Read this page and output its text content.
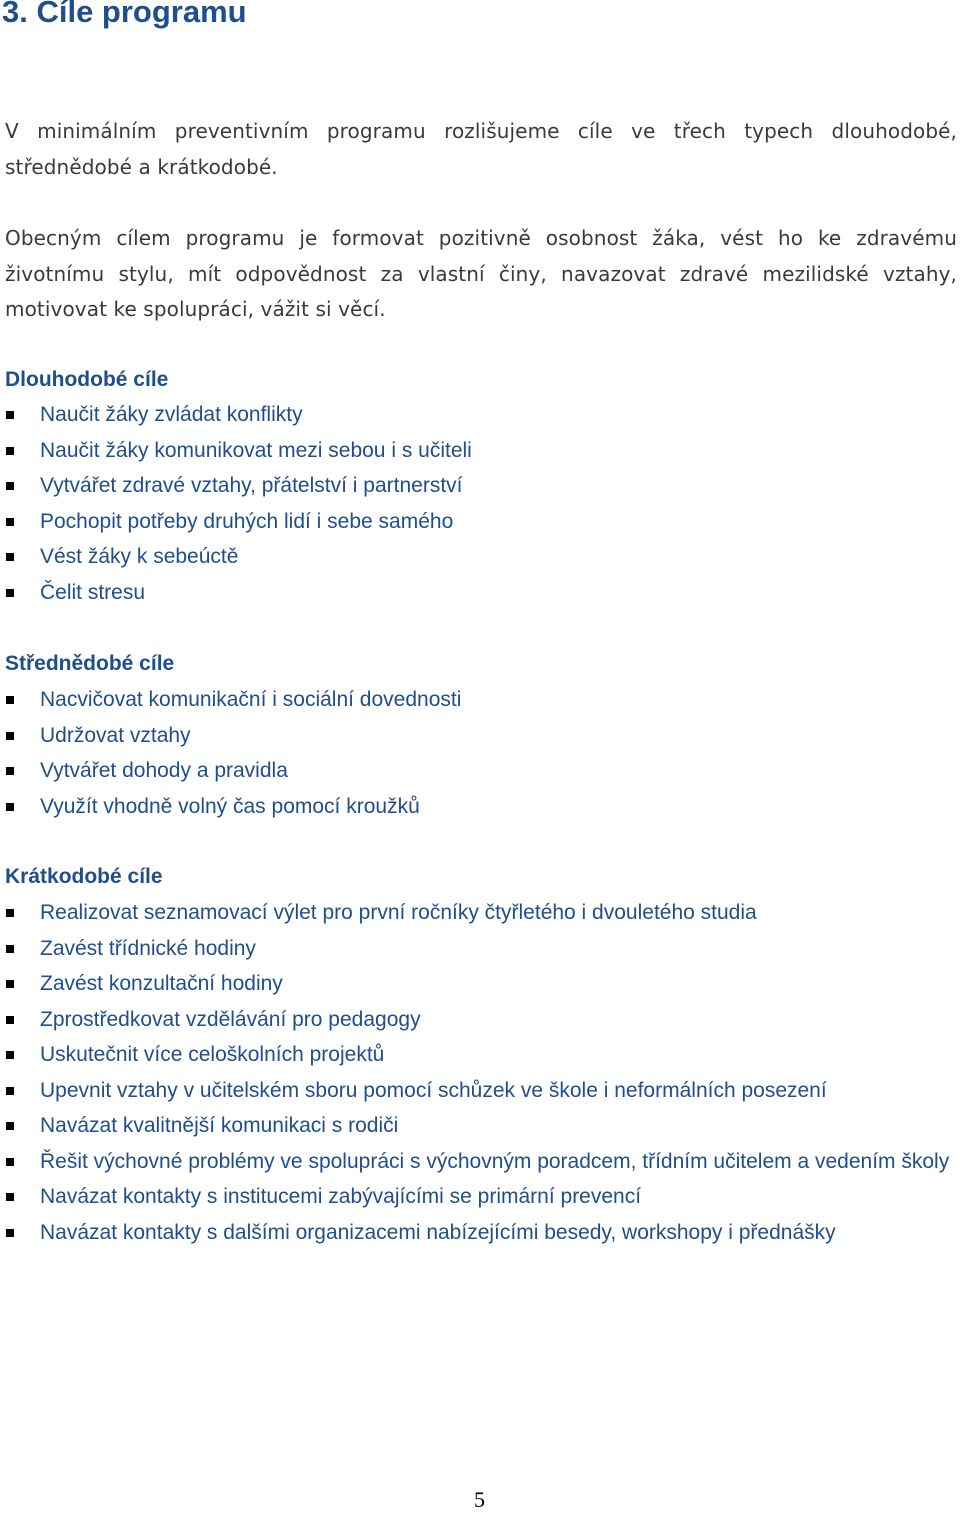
3. Cíle programu

V minimálním preventivním programu rozlišujeme cíle ve třech typech dlouhodobé, střednědobé a krátkodobé.

Obecným cílem programu je formovat pozitivně osobnost žáka, vést ho ke zdravému životnímu stylu, mít odpovědnost za vlastní činy, navazovat zdravé mezilidské vztahy, motivovat ke spolupráci, vážit si věcí.

Dlouhodobé cíle
Naučit žáky zvládat konflikty
Naučit žáky komunikovat mezi sebou i s učiteli
Vytvářet zdravé vztahy, přátelství i partnerství
Pochopit potřeby druhých lidí i sebe samého
Vést žáky k sebeúctě
Čelit stresu
Střednědobé cíle
Nacvičovat komunikační i sociální dovednosti
Udržovat vztahy
Vytvářet dohody a pravidla
Využít vhodně volný čas pomocí kroužků
Krátkodobé cíle
Realizovat seznamovací výlet pro první ročníky čtyřletého i dvouletého studia
Zavést třídnické hodiny
Zavést konzultační hodiny
Zprostředkovat vzdělávání pro pedagogy
Uskutečnit více celoškolních projektů
Upevnit vztahy v učitelském sboru pomocí schůzek ve škole i neformálních posezení
Navázat kvalitnější komunikaci s rodiči
Řešit výchovné problémy ve spolupráci s výchovným poradcem, třídním učitelem a vedením školy
Navázat kontakty s institucemi zabývajícími se primární prevencí
Navázat kontakty s dalšími organizacemi nabízejícími besedy, workshopy i přednášky
5
